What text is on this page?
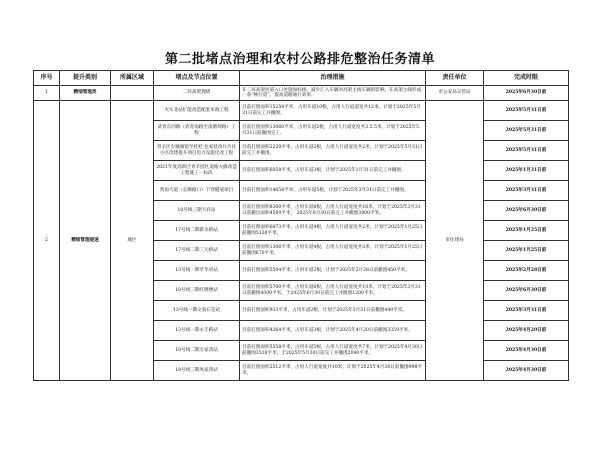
第二批堵点治理和农村公路排危整治任务清单
序号	提升类别	所属区域	堵点及节点位置	治理措施	责任单位	完成时限
1	精细管理类		二环高架拥堵	在二环高架匝道入口处施加标线，减少汇入车辆对高架主线车辆的影响，在高架主线形成一条“畅行道”，提高道路通行效率。	市公安局交管局	2025年6月30日前
2	精细管理提速	城区	火车北站扩能改造配套市政工程	目前打围面积15254平米，占用车道10根，占用人行道道宽共12米，计划于2025年5月31日前完工并撤围。	市住建局	2025年5月31日前
			武青东四路（武青南路至南塘坝路）工程	目前打围面积13060平米，占用车道2根，占用人行道宽度共3.5.5米，计划于2025年5月31日前撤围完工。		2025年5月31日前
			青羊区少城旗馆至桂桂·包家巷改片片住小区改建提升项目电力设施迁改工程	目前打围面积2220平米，占用车道2根，占用人行道宽度共2米，计划于2025年5月31日前完工并撤围。		2025年5月31日前
			2021年度高新区青羊园区道路大修改造工程施工一标段	目前打围面积6058平米，占用车道3根，计划于2025年1月31日前完工并撤围。		2025年1月31日前
			剑南大道（长顺路口）下穿隧道项目	目前打围面积14654平米，占用车道5根，计划于2025年3月31日前完工并撤围。		2025年3月31日前
			10号线三期天府站	目前打围面积8300平米，占用车道8根，占用人行道宽度共16米，计划于2025年3月31日前撤出面积4500平米， 2025年6月30日前完工并撤围3800平米。		2025年6月30日前
			17号线二期新水桥站	目前打围面积6073平米，占用车道4根，占用人行道宽度共2米，计划于2025年1月25日前撤围5138平米。		2025年1月25日前
			17号线二期三元桥站	目前打围面积1306平米，占用车道4根，占用人行道宽度共3米，计划于2025年1月25日前撤围670平米。		2025年1月25日前
			13号线一期苹华府站	目前打围面积5504平米，占用车道2根，计划于2025年2月28日前撤围450平米。		2025年2月28日前
			10号线三期红牌楼站	目前打围面积5700平米，占用车道6根，占用人行道宽度共10米，计划于2025年3月31日前撤围4500平米，于2025年6月30日前完工并撤围1200平米。		2025年6月30日前
			13号线一期文翁石室站	目前打围面积933平米，占用车道2根，计划于2025年3月31日前撤围449平米。		2025年3月31日前
			13号线一期永丰路站	目前打围面积4264平米，占用车道3根，计划于2025年4月20日前撤围3359平米。		2025年4月20日前
			10号线二期万家湾站	目前打围面积5558平米，占用车道5根，占用人行道宽度共7米，计划于2025年4月30日前撤围3518平米，于2025年5月30日前完工并撤围2040平米。		2025年4月30日前
			18号线三期凤家湾站	目前打围面积2512平米，占用人行道宽度共10米，计划于2025年4月30日前撤围998平米。		2025年4月30日前
